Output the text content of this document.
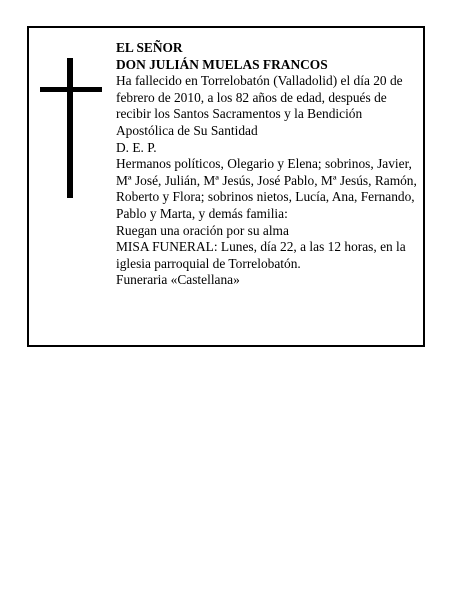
EL SEÑOR

DON JULIÁN MUELAS FRANCOS

Ha fallecido en Torrelobatón (Valladolid) el día 20 de febrero de 2010, a los 82 años de edad, después de recibir los Santos Sacramentos y la Bendición Apostólica de Su Santidad

D. E. P.

Hermanos políticos, Olegario y Elena; sobrinos, Javier, Mª José, Julián, Mª Jesús, José Pablo, Mª Jesús, Ramón, Roberto y Flora; sobrinos nietos, Lucía, Ana, Fernando, Pablo y Marta, y demás familia:

Ruegan una oración por su alma

MISA FUNERAL: Lunes, día 22, a las 12 horas, en la iglesia parroquial de Torrelobatón.

Funeraria «Castellana»
